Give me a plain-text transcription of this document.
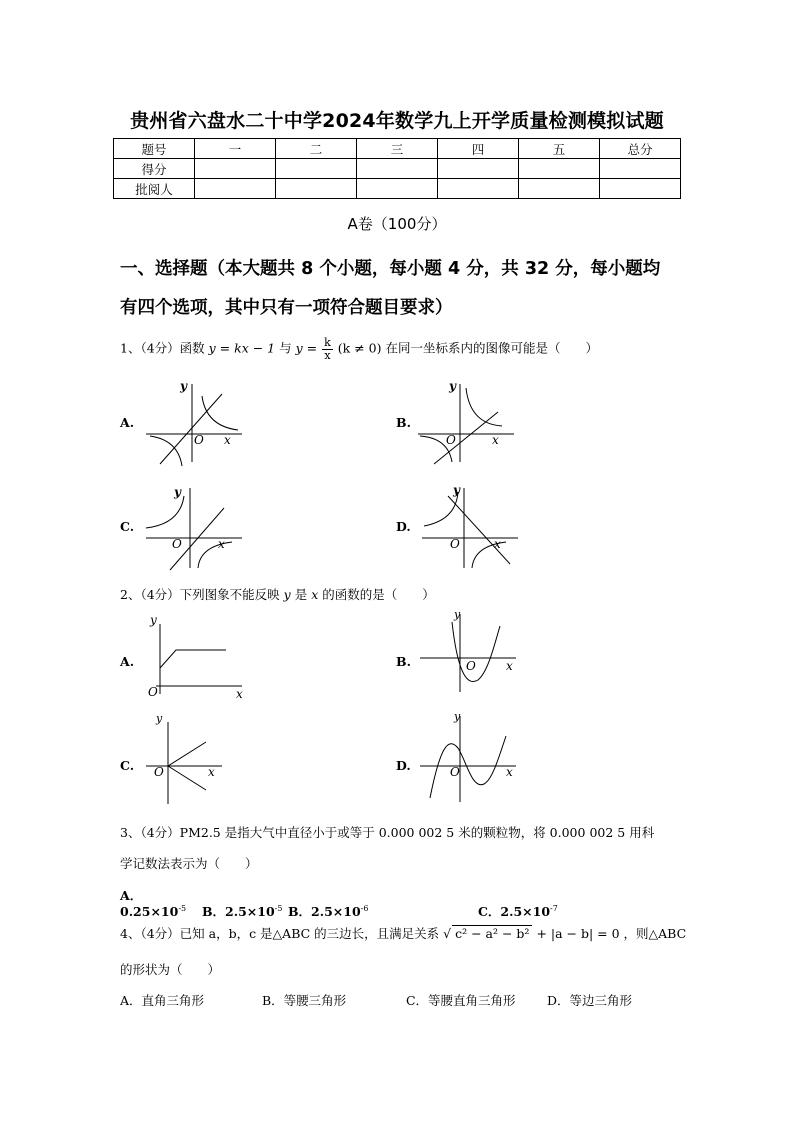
贵州省六盘水二十中学2024年数学九上开学质量检测模拟试题
题号	一	二	三	四	五	总分
得分						
批阅人						
A卷（100分）
一、选择题（本大题共 8 个小题，每小题 4 分，共 32 分，每小题均
有四个选项，其中只有一项符合题目要求）
1、（4分）函数 y = kx − 1 与 $y = \frac{k}{x} (k \ne 0)$ 在同一坐标系内的图像可能是（　　）
A.	B.
C.	D.
y
O x
y
O	x
y
O	x
y
O	x
2、（4分）下列图象不能反映 y 是 x 的函数的是（　　）
A.	B.
C.	D.
y
O	x
y
O	x
y
O	x
y
O	x
3、（4分）PM2.5 是指大气中直径小于或等于 0.000 002 5 米的颗粒物，将 0.000 002 5 用科
学记数法表示为（　　）
A．$0.25\times 10^{-5}$ B．$2.5\times 10^{-5}$ B．$2.5\times 10^{-6}$	C．$2.5\times 10^{-7}$
4、（4分）已知 a，b，c 是△ABC 的三边长，且满足关系 √ c² − a² − b² + |a − b| = 0 ，则△ABC
的形状为（　　）
A．直角三角形	B．等腰三角形	C．等腰直角三角形	D．等边三角形
